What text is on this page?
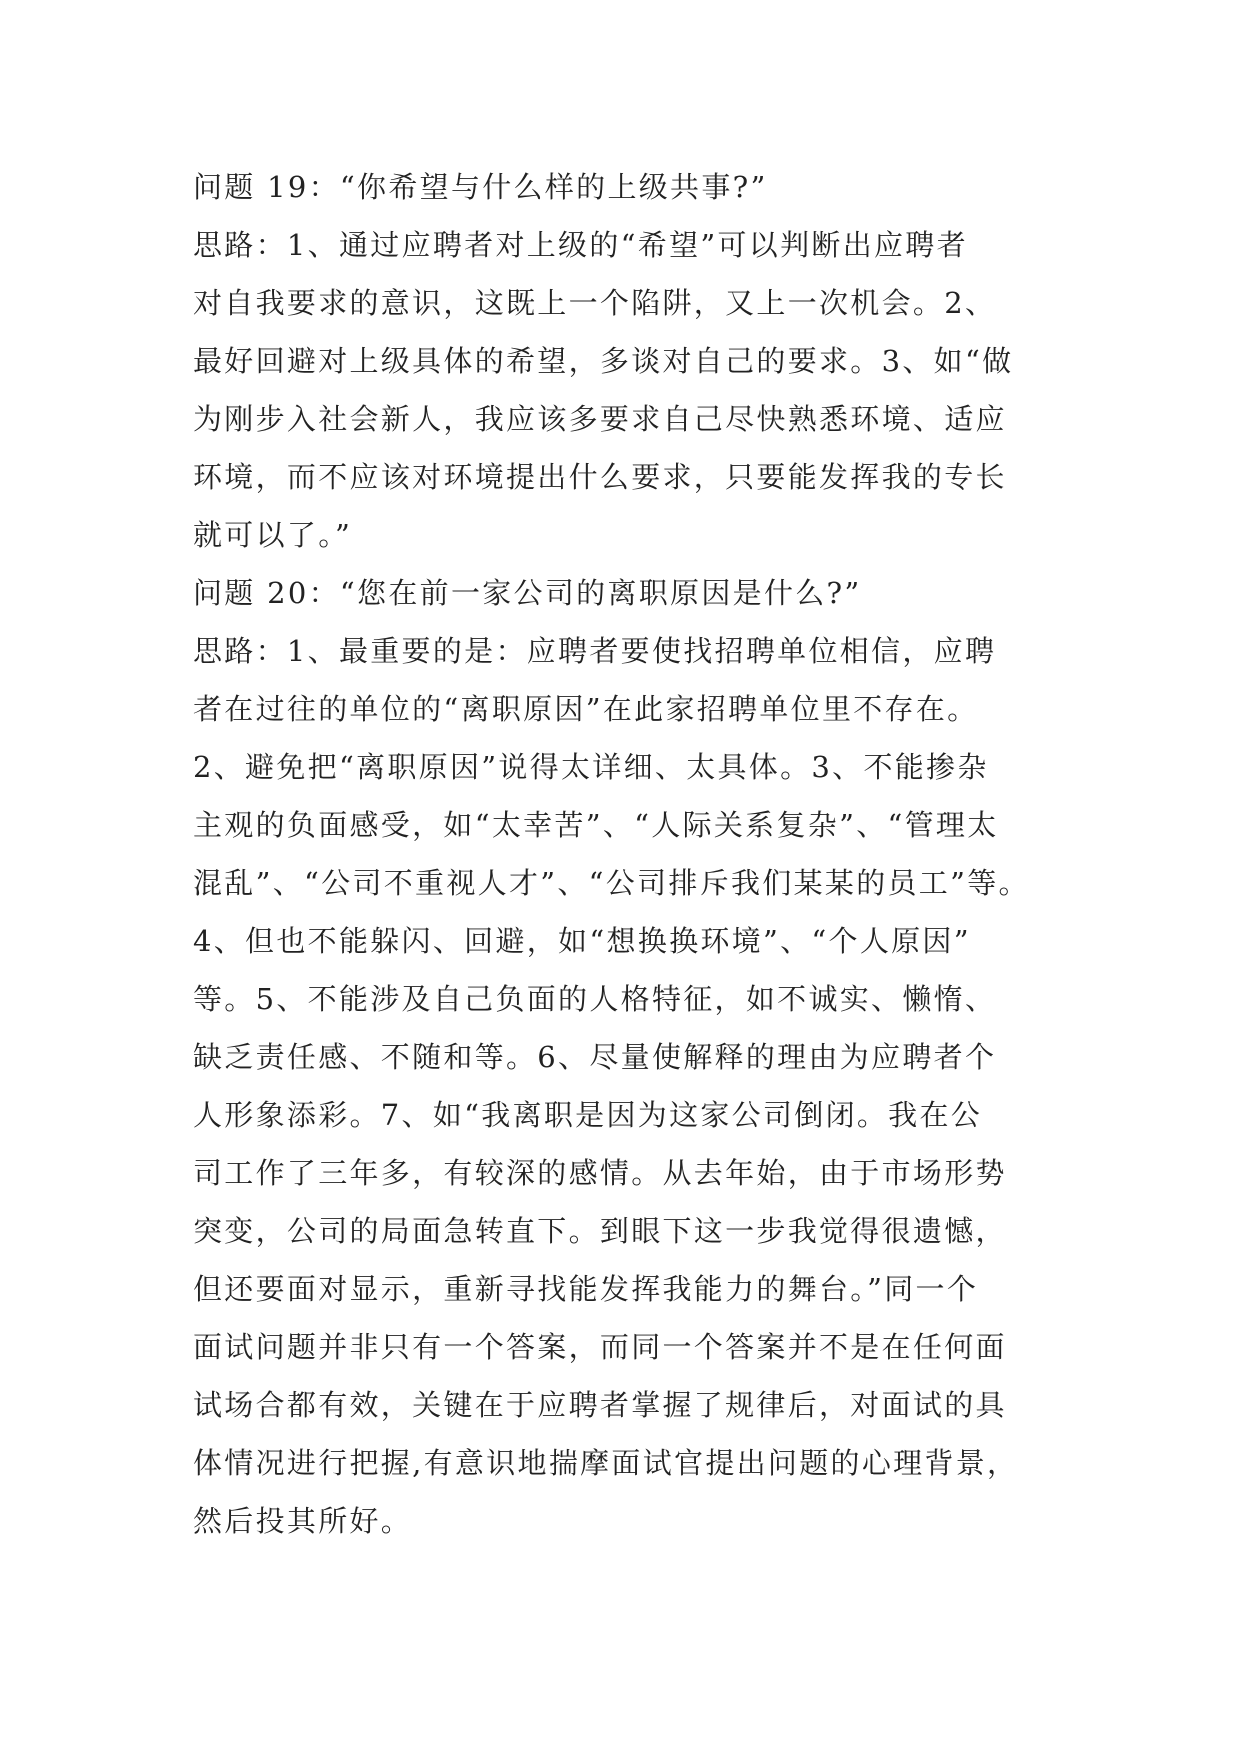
问题 19：“你希望与什么样的上级共事?”
思路：1、通过应聘者对上级的“希望”可以判断出应聘者
对自我要求的意识，这既上一个陷阱，又上一次机会。2、
最好回避对上级具体的希望，多谈对自己的要求。3、如“做
为刚步入社会新人，我应该多要求自己尽快熟悉环境、适应
环境，而不应该对环境提出什么要求，只要能发挥我的专长
就可以了。”
问题 20：“您在前一家公司的离职原因是什么?”
思路：1、最重要的是：应聘者要使找招聘单位相信，应聘
者在过往的单位的“离职原因”在此家招聘单位里不存在。
2、避免把“离职原因”说得太详细、太具体。3、不能掺杂
主观的负面感受，如“太幸苦”、“人际关系复杂”、“管理太
混乱”、“公司不重视人才”、“公司排斥我们某某的员工”等。
4、但也不能躲闪、回避，如“想换换环境”、“个人原因”
等。5、不能涉及自己负面的人格特征，如不诚实、懒惰、
缺乏责任感、不随和等。6、尽量使解释的理由为应聘者个
人形象添彩。7、如“我离职是因为这家公司倒闭。我在公
司工作了三年多，有较深的感情。从去年始，由于市场形势
突变，公司的局面急转直下。到眼下这一步我觉得很遗憾，
但还要面对显示，重新寻找能发挥我能力的舞台。”同一个
面试问题并非只有一个答案，而同一个答案并不是在任何面
试场合都有效，关键在于应聘者掌握了规律后，对面试的具
体情况进行把握,有意识地揣摩面试官提出问题的心理背景，
然后投其所好。
